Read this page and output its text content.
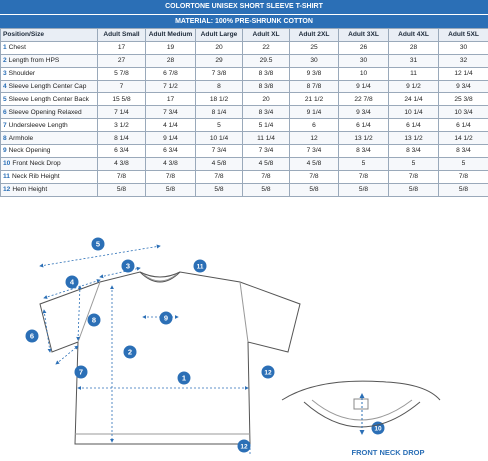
COLORTONE UNISEX SHORT SLEEVE T-SHIRT
MATERIAL: 100% PRE-SHRUNK COTTON
Position/Size	Adult Small	Adult Medium	Adult Large	Adult XL	Adult 2XL	Adult 3XL	Adult 4XL	Adult 5XL
1 Chest	17	19	20	22	25	26	28	30
2 Length from HPS	27	28	29	29.5	30	30	31	32
3 Shoulder	5 7/8	6 7/8	7 3/8	8 3/8	9 3/8	10	11	12 1/4
4 Sleeve Length Center Cap	7	7 1/2	8	8 3/8	8 7/8	9 1/4	9 1/2	9 3/4
5 Sleeve Length Center Back	15 5/8	17	18 1/2	20	21 1/2	22 7/8	24 1/4	25 3/8
6 Sleeve Opening Relaxed	7 1/4	7 3/4	8 1/4	8 3/4	9 1/4	9 3/4	10 1/4	10 3/4
7 Undersleeve Length	3 1/2	4 1/4	5	5 1/4	6	6 1/4	6 1/4	6 1/4
8 Armhole	8 1/4	9 1/4	10 1/4	11 1/4	12	13 1/2	13 1/2	14 1/2
9 Neck Opening	6 3/4	6 3/4	7 3/4	7 3/4	7 3/4	8 3/4	8 3/4	8 3/4
10 Front Neck Drop	4 3/8	4 3/8	4 5/8	4 5/8	4 5/8	5	5	5
11 Neck Rib Height	7/8	7/8	7/8	7/8	7/8	7/8	7/8	7/8
12 Hem Height	5/8	5/8	5/8	5/8	5/8	5/8	5/8	5/8
1
2
3
4
5
6
7
8	9
10
11
12
12
FRONT NECK DROP
